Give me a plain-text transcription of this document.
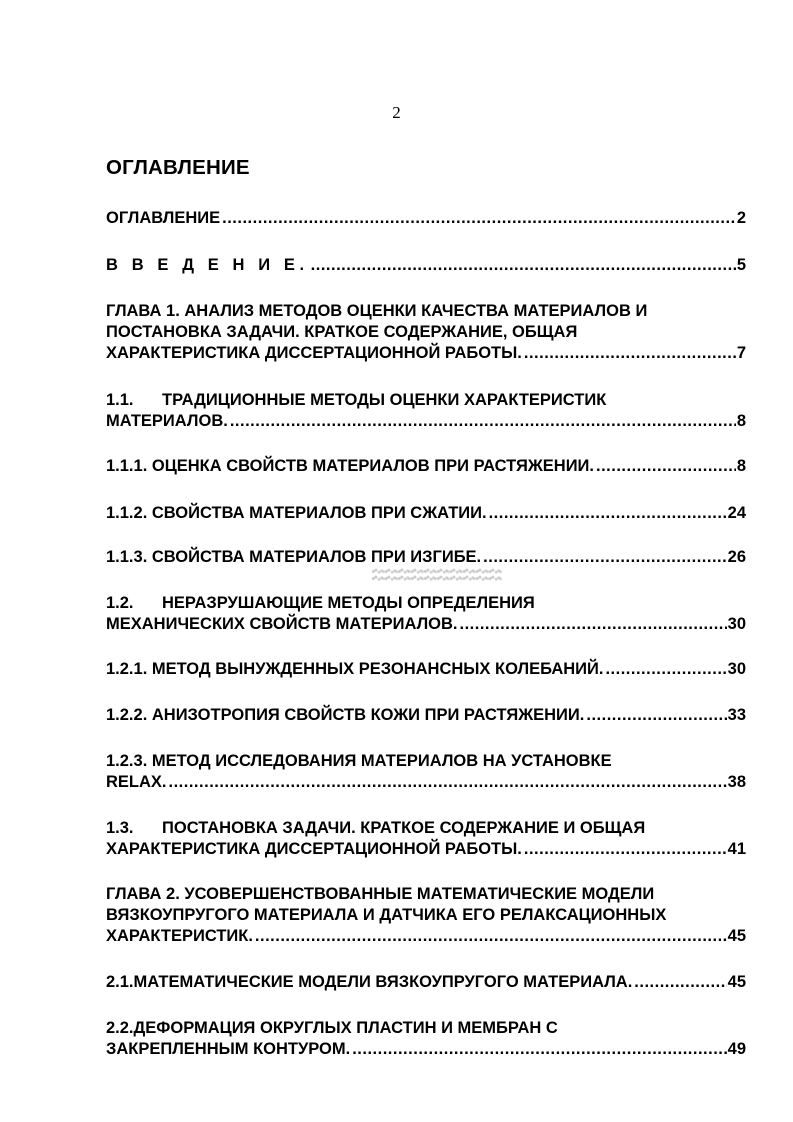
2
ОГЛАВЛЕНИЕ
ОГЛАВЛЕНИЕ .....	2
В В Е Д Е Н И Е. .....	5
ГЛАВА 1. АНАЛИЗ МЕТОДОВ ОЦЕНКИ КАЧЕСТВА МАТЕРИАЛОВ И
ПОСТАНОВКА ЗАДАЧИ. КРАТКОЕ СОДЕРЖАНИЕ, ОБЩАЯ
ХАРАКТЕРИСТИКА ДИССЕРТАЦИОННОЙ РАБОТЫ. .....	7
1.1. ТРАДИЦИОННЫЕ МЕТОДЫ ОЦЕНКИ ХАРАКТЕРИСТИК
МАТЕРИАЛОВ. .....	8
1.1.1. ОЦЕНКА СВОЙСТВ МАТЕРИАЛОВ ПРИ РАСТЯЖЕНИИ. .....	8
1.1.2. СВОЙСТВА МАТЕРИАЛОВ ПРИ СЖАТИИ. .....	24
1.1.3. СВОЙСТВА МАТЕРИАЛОВ ПРИ ИЗГИБЕ. .....	26
1.2. НЕРАЗРУШАЮЩИЕ МЕТОДЫ ОПРЕДЕЛЕНИЯ
МЕХАНИЧЕСКИХ СВОЙСТВ МАТЕРИАЛОВ. .....	30
1.2.1. МЕТОД ВЫНУЖДЕННЫХ РЕЗОНАНСНЫХ КОЛЕБАНИЙ. .....	30
1.2.2. АНИЗОТРОПИЯ СВОЙСТВ КОЖИ ПРИ РАСТЯЖЕНИИ. .....	33
1.2.3. МЕТОД ИССЛЕДОВАНИЯ МАТЕРИАЛОВ НА УСТАНОВКЕ
RELAX. .....	38
1.3. ПОСТАНОВКА ЗАДАЧИ. КРАТКОЕ СОДЕРЖАНИЕ И ОБЩАЯ
ХАРАКТЕРИСТИКА ДИССЕРТАЦИОННОЙ РАБОТЫ. .....	41
ГЛАВА 2. УСОВЕРШЕНСТВОВАННЫЕ МАТЕМАТИЧЕСКИЕ МОДЕЛИ
ВЯЗКОУПРУГОГО МАТЕРИАЛА И ДАТЧИКА ЕГО РЕЛАКСАЦИОННЫХ
ХАРАКТЕРИСТИК. .....	45
2.1.МАТЕМАТИЧЕСКИЕ МОДЕЛИ ВЯЗКОУПРУГОГО МАТЕРИАЛА. .....	45
2.2.ДЕФОРМАЦИЯ ОКРУГЛЫХ ПЛАСТИН И МЕМБРАН С
ЗАКРЕПЛЕННЫМ КОНТУРОМ. .....	49
